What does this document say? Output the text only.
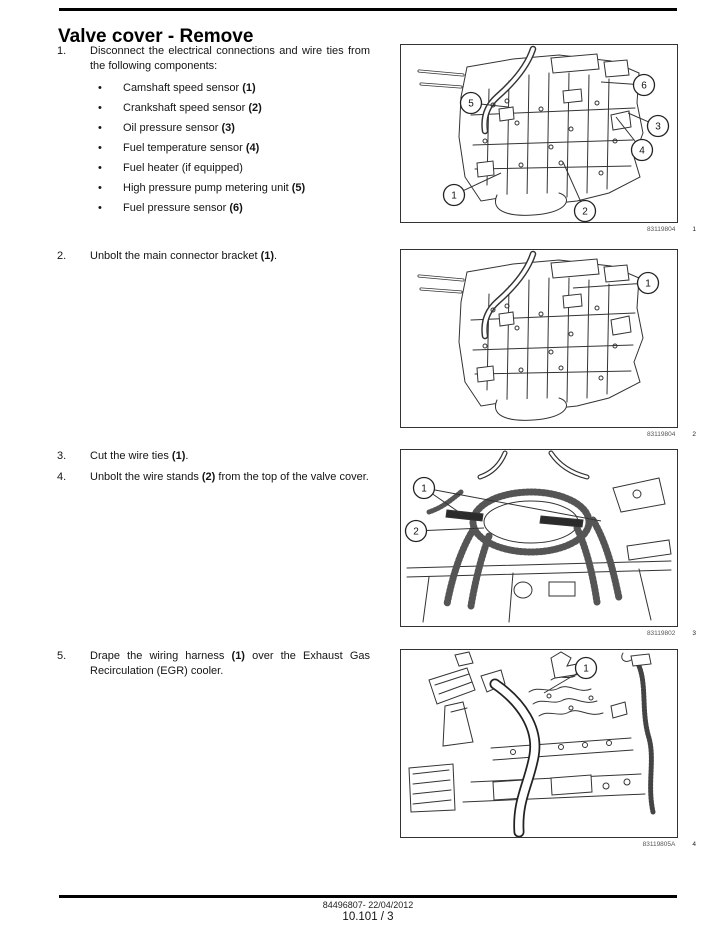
Valve cover - Remove
1.	Disconnect the electrical connections and wire ties from the following components:
•	Camshaft speed sensor (1)
•	Crankshaft speed sensor (2)
•	Oil pressure sensor (3)
•	Fuel temperature sensor (4)
•	Fuel heater (if equipped)
•	High pressure pump metering unit (5)
•	Fuel pressure sensor (6)
5
6
3
4
1
2
83119804	1
2.	Unbolt the main connector bracket (1).
1
83119804	2
3.	Cut the wire ties (1).
4.	Unbolt the wire stands (2) from the top of the valve cover.
1
2
83119802	3
5.	Drape the wiring harness (1) over the Exhaust Gas Recirculation (EGR) cooler.	1
83119805A	4
84496807- 22/04/2012
10.101 / 3
